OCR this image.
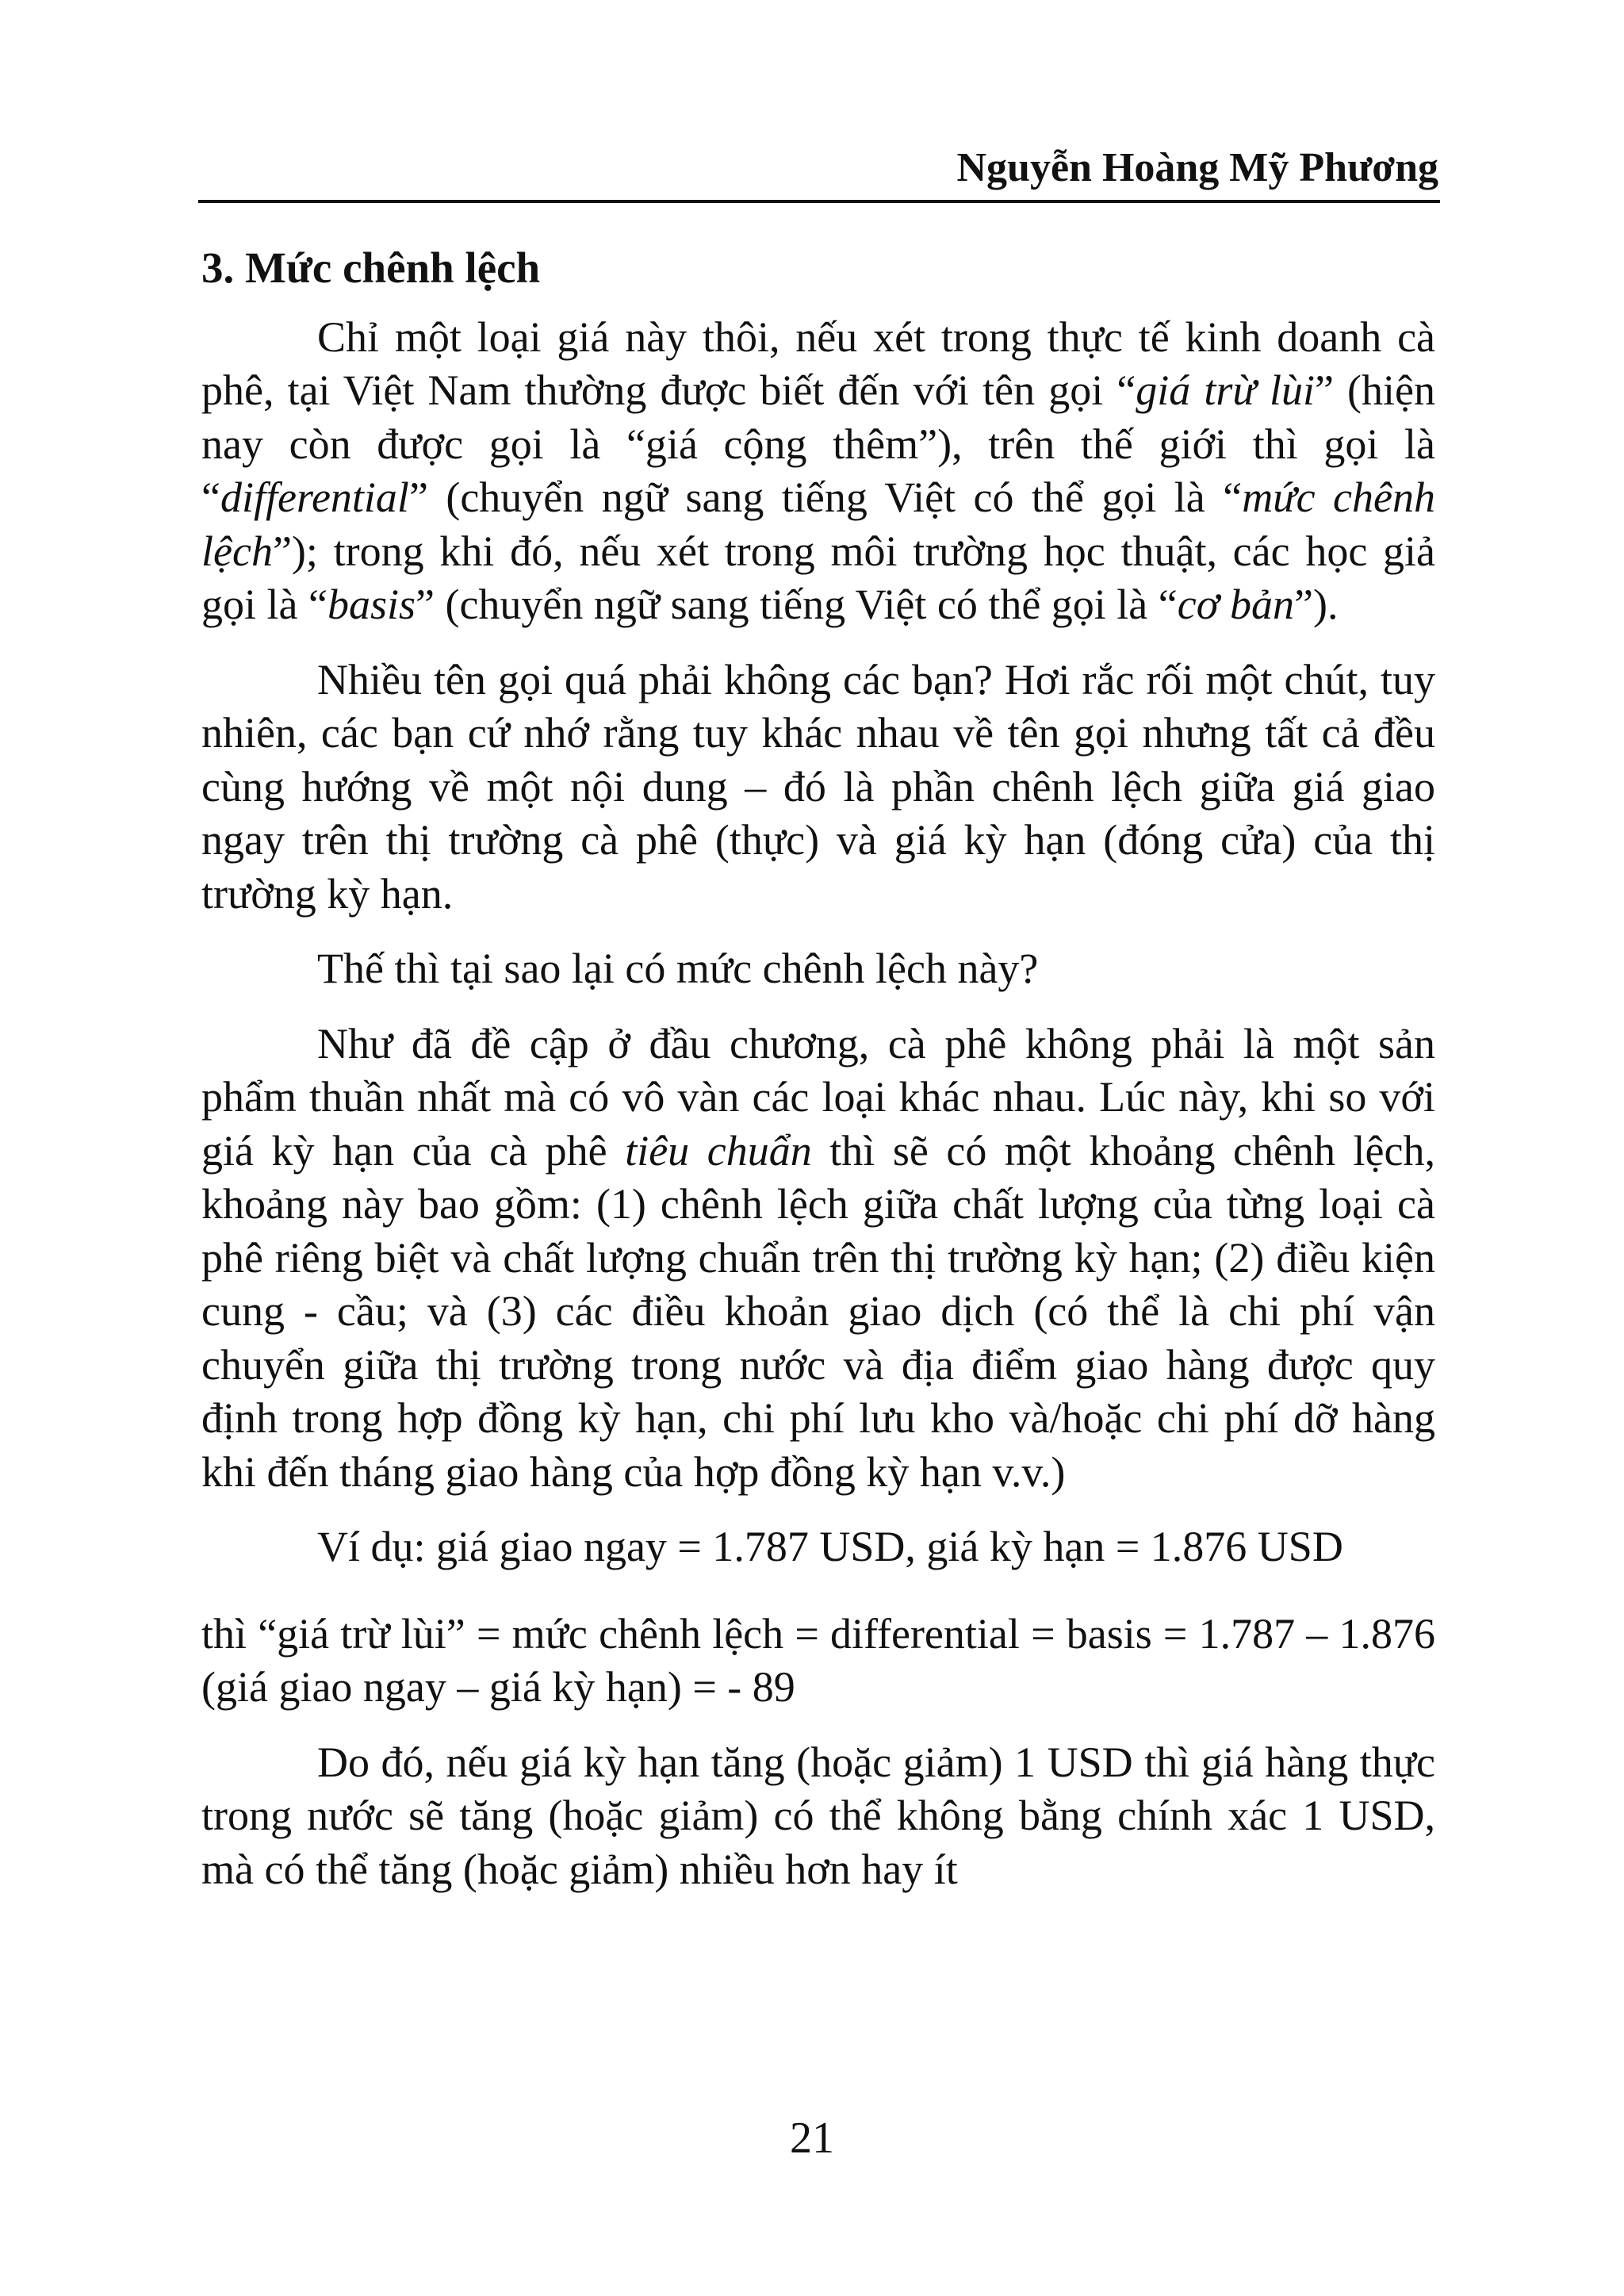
Nguyễn Hoàng Mỹ Phương
3. Mức chênh lệch

Chỉ một loại giá này thôi, nếu xét trong thực tế kinh doanh cà phê, tại Việt Nam thường được biết đến với tên gọi “giá trừ lùi” (hiện nay còn được gọi là “giá cộng thêm”), trên thế giới thì gọi là “differential” (chuyển ngữ sang tiếng Việt có thể gọi là “mức chênh lệch”); trong khi đó, nếu xét trong môi trường học thuật, các học giả gọi là “basis” (chuyển ngữ sang tiếng Việt có thể gọi là “cơ bản”).

Nhiều tên gọi quá phải không các bạn? Hơi rắc rối một chút, tuy nhiên, các bạn cứ nhớ rằng tuy khác nhau về tên gọi nhưng tất cả đều cùng hướng về một nội dung – đó là phần chênh lệch giữa giá giao ngay trên thị trường cà phê (thực) và giá kỳ hạn (đóng cửa) của thị trường kỳ hạn.

Thế thì tại sao lại có mức chênh lệch này?

Như đã đề cập ở đầu chương, cà phê không phải là một sản phẩm thuần nhất mà có vô vàn các loại khác nhau. Lúc này, khi so với giá kỳ hạn của cà phê tiêu chuẩn thì sẽ có một khoảng chênh lệch, khoảng này bao gồm: (1) chênh lệch giữa chất lượng của từng loại cà phê riêng biệt và chất lượng chuẩn trên thị trường kỳ hạn; (2) điều kiện cung - cầu; và (3) các điều khoản giao dịch (có thể là chi phí vận chuyển giữa thị trường trong nước và địa điểm giao hàng được quy định trong hợp đồng kỳ hạn, chi phí lưu kho và/hoặc chi phí dỡ hàng khi đến tháng giao hàng của hợp đồng kỳ hạn v.v.)

Ví dụ: giá giao ngay = 1.787 USD, giá kỳ hạn = 1.876 USD

thì “giá trừ lùi” = mức chênh lệch = differential = basis = 1.787 – 1.876 (giá giao ngay – giá kỳ hạn) = - 89

Do đó, nếu giá kỳ hạn tăng (hoặc giảm) 1 USD thì giá hàng thực trong nước sẽ tăng (hoặc giảm) có thể không bằng chính xác 1 USD, mà có thể tăng (hoặc giảm) nhiều hơn hay ít

21
